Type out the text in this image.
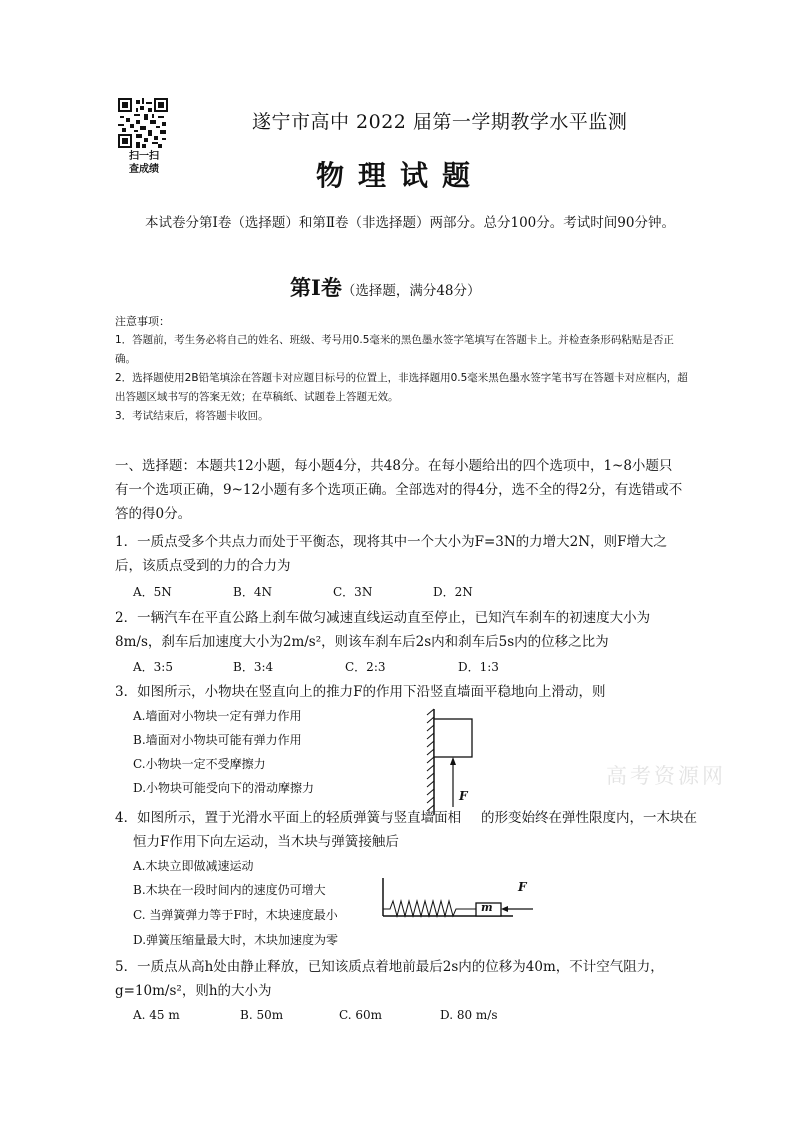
扫一扫
查成绩
遂宁市高中 2022 届第一学期教学水平监测
物理试题
本试卷分第Ⅰ卷（选择题）和第Ⅱ卷（非选择题）两部分。总分100分。考试时间90分钟。
第Ⅰ卷（选择题，满分48分）
注意事项：
1．答题前，考生务必将自己的姓名、班级、考号用0.5毫米的黑色墨水签字笔填写在答题卡上。并检查条形码粘贴是否正确。
2．选择题使用2B铅笔填涂在答题卡对应题目标号的位置上，非选择题用0.5毫米黑色墨水签字笔书写在答题卡对应框内，超出答题区域书写的答案无效；在草稿纸、试题卷上答题无效。
3．考试结束后，将答题卡收回。
一、选择题：本题共12小题，每小题4分，共48分。在每小题给出的四个选项中，1~8小题只有一个选项正确，9~12小题有多个选项正确。全部选对的得4分，选不全的得2分，有选错或不答的得0分。
1．一质点受多个共点力而处于平衡态，现将其中一个大小为F=3N的力增大2N，则F增大之后，该质点受到的力的合力为
A．5N	B．4N	C．3N	D．2N
2．一辆汽车在平直公路上刹车做匀减速直线运动直至停止，已知汽车刹车的初速度大小为8m/s，刹车后加速度大小为2m/s²，则该车刹车后2s内和刹车后5s内的位移之比为
A．3:5	B．3:4	C．2:3	D．1:3
3．如图所示，小物块在竖直向上的推力F的作用下沿竖直墙面平稳地向上滑动，则
A.墙面对小物块一定有弹力作用
B.墙面对小物块可能有弹力作用
C.小物块一定不受摩擦力
D.小物块可能受向下的滑动摩擦力
F
4．如图所示，置于光滑水平面上的轻质弹簧与竖直墙面相 的形变始终在弹性限度内，一木块在
恒力F作用下向左运动，当木块与弹簧接触后
A.木块立即做减速运动
B.木块在一段时间内的速度仍可增大
C. 当弹簧弹力等于F时，木块速度最小
D.弹簧压缩量最大时，木块加速度为零
m
F
5．一质点从高h处由静止释放，已知该质点着地前最后2s内的位移为40m，不计空气阻力，g=10m/s²，则h的大小为
A. 45 m	B. 50m	C. 60m	D. 80 m/s
高考资源网
